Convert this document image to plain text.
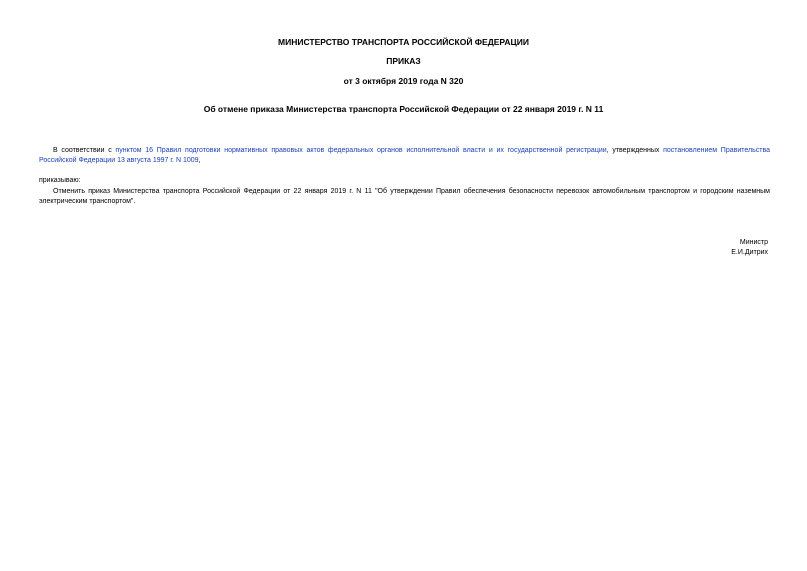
МИНИСТЕРСТВО ТРАНСПОРТА РОССИЙСКОЙ ФЕДЕРАЦИИ
ПРИКАЗ
от 3 октября 2019 года N 320
Об отмене приказа Министерства транспорта Российской Федерации от 22 января 2019 г. N 11
В соответствии с пунктом 16 Правил подготовки нормативных правовых актов федеральных органов исполнительной власти и их государственной регистрации, утвержденных постановлением Правительства Российской Федерации 13 августа 1997 г. N 1009,
приказываю:
Отменить приказ Министерства транспорта Российской Федерации от 22 января 2019 г. N 11 "Об утверждении Правил обеспечения безопасности перевозок автомобильным транспортом и городским наземным электрическим транспортом".
Министр
Е.И.Дитрих
